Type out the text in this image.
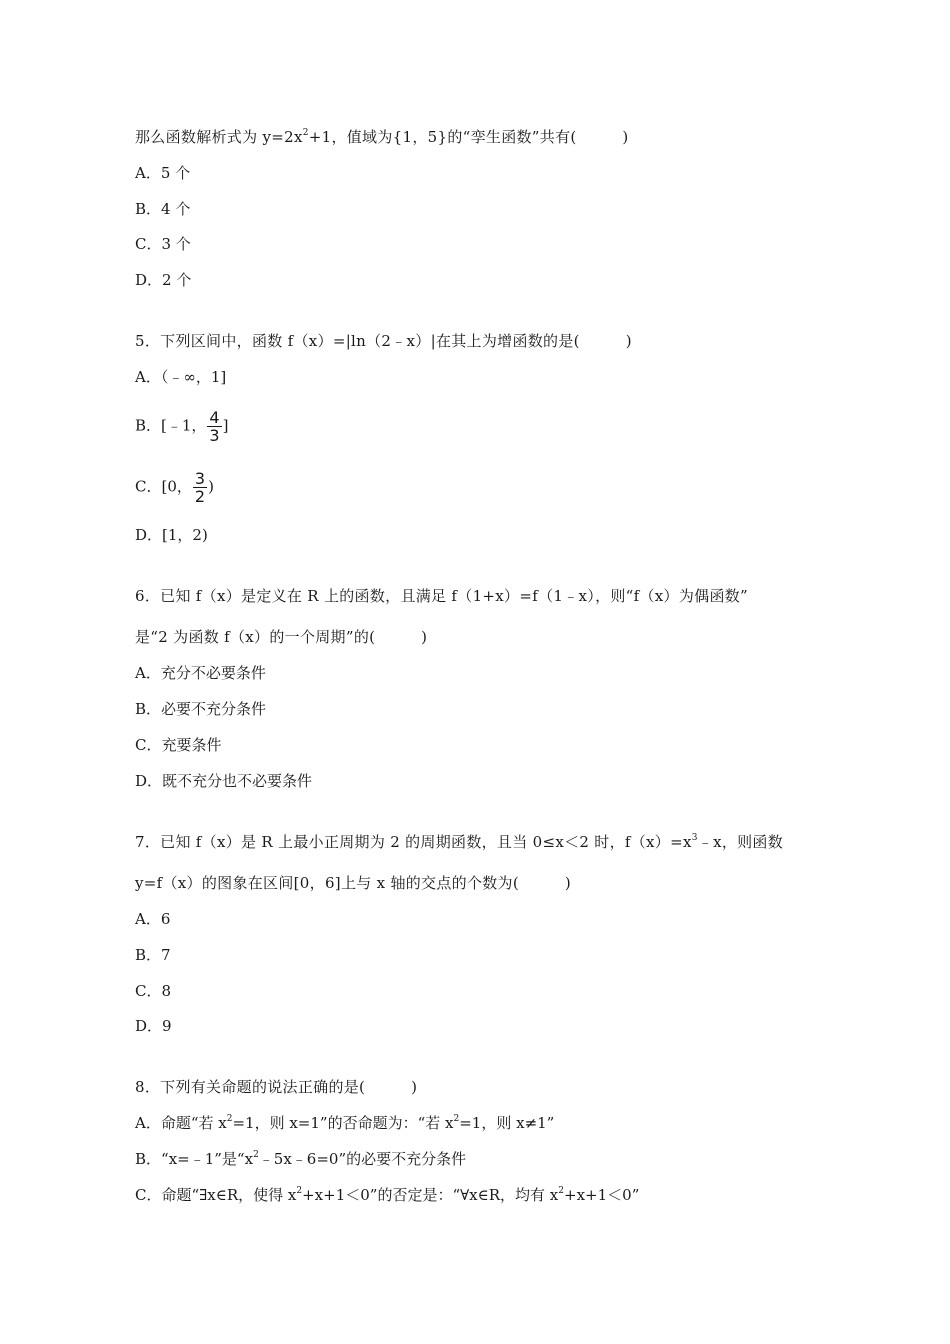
那么函数解析式为 $y=2x^2+1$，值域为{1，5}的“孪生函数”共有(　　　)
A．5 个
B．4 个
C．3 个
D．2 个
5．下列区间中，函数 f（x）=|ln（2﹣x）|在其上为增函数的是(　　　)
A．（﹣∞，1]
B．[﹣1， $\frac{4}{3}$ ]
C．[0， $\frac{3}{2}$ )
D．[1，2)
6．已知 f（x）是定义在 R 上的函数，且满足 f（1+x）=f（1﹣x），则“f（x）为偶函数”
是“2 为函数 f（x）的一个周期”的(　　　)
A．充分不必要条件
B．必要不充分条件
C．充要条件
D．既不充分也不必要条件
7．已知 f（x）是 R 上最小正周期为 2 的周期函数，且当 0≤x＜2 时，$f(x)=x^3﹣x$，则函数
y=f（x）的图象在区间[0，6]上与 x 轴的交点的个数为(　　　)
A．6
B．7
C．8
D．9
8．下列有关命题的说法正确的是(　　　)
A．命题“若 $x^2=1$，则 x=1”的否命题为：“若 $x^2=1$，则 x≠1”
B．“x=﹣1”是“$x^2﹣5x﹣6=0$”的必要不充分条件
C．命题“∃x∈R，使得 $x^2+x+1<0$”的否定是：“∀x∈R，均有 $x^2+x+1<0$”
